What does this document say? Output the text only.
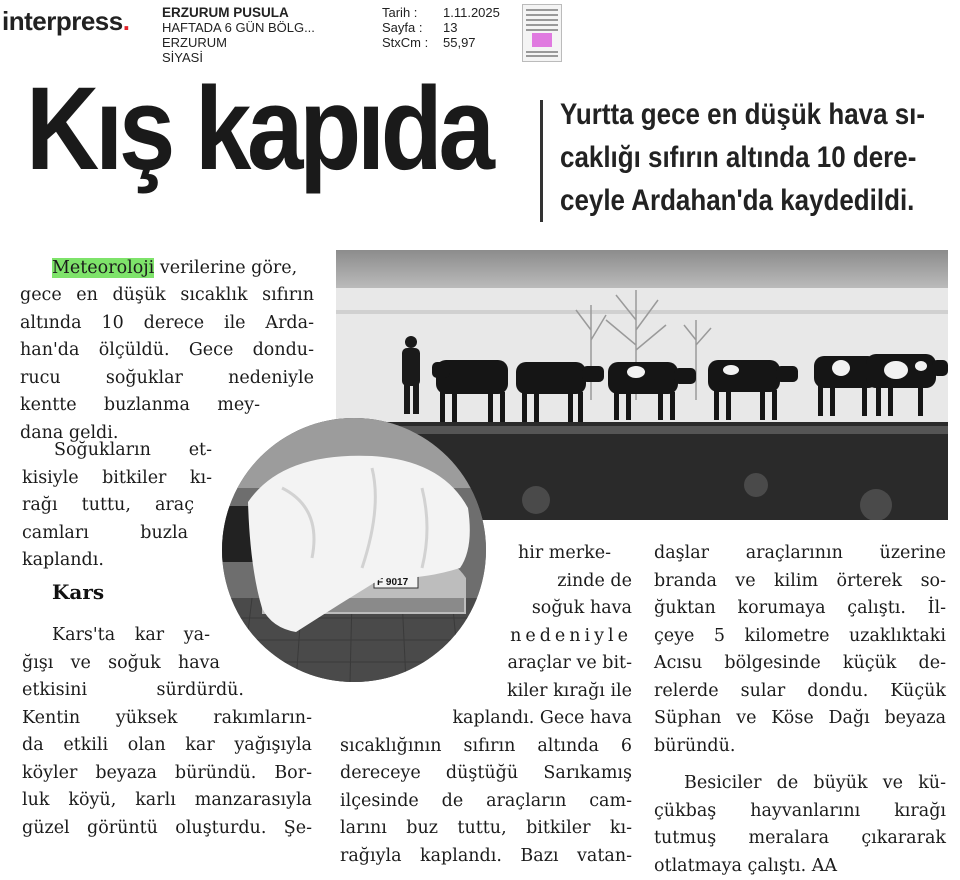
interpress. ERZURUM PUSULA
HAFTADA 6 GÜN BÖLG...
ERZURUM
SİYASİ
Tarih :
Sayfa :
StxCm :
1.11.2025
13
55,97
Kış kapıda Yurtta gece en düşük hava sı-
caklığı sıfırın altında 10 dere-
ceyle Ardahan'da kaydedildi.
F 9017
Meteoroloji verilerine göre,
gece en düşük sıcaklık sıfırın
altında 10 derece ile Arda-
han'da ölçüldü. Gece dondu-
rucu soğuklar nedeniyle
kentte buzlanma mey-
dana geldi.
Soğukların et-
kisiyle bitkiler kı-
rağı tuttu, araç
camları buzla
kaplandı.
Kars
Kars'ta kar ya-
ğışı ve soğuk hava
etkisini sürdürdü.
Kentin yüksek rakımların-
da etkili olan kar yağışıyla
köyler beyaza büründü. Bor-
luk köyü, karlı manzarasıyla
güzel görüntü oluşturdu. Şe-
hir merke-
zinde de
soğuk hava
nedeniyle
araçlar ve bit-
kiler kırağı ile
kaplandı. Gece hava
sıcaklığının sıfırın altında 6
dereceye düştüğü Sarıkamış
ilçesinde de araçların cam-
larını buz tuttu, bitkiler kı-
rağıyla kaplandı. Bazı vatan-
daşlar araçlarının üzerine
branda ve kilim örterek so-
ğuktan korumaya çalıştı. İl-
çeye 5 kilometre uzaklıktaki
Acısu bölgesinde küçük de-
relerde sular dondu. Küçük
Süphan ve Köse Dağı beyaza
büründü.
Besiciler de büyük ve kü-
çükbaş hayvanlarını kırağı
tutmuş meralara çıkararak
otlatmaya çalıştı. AA
